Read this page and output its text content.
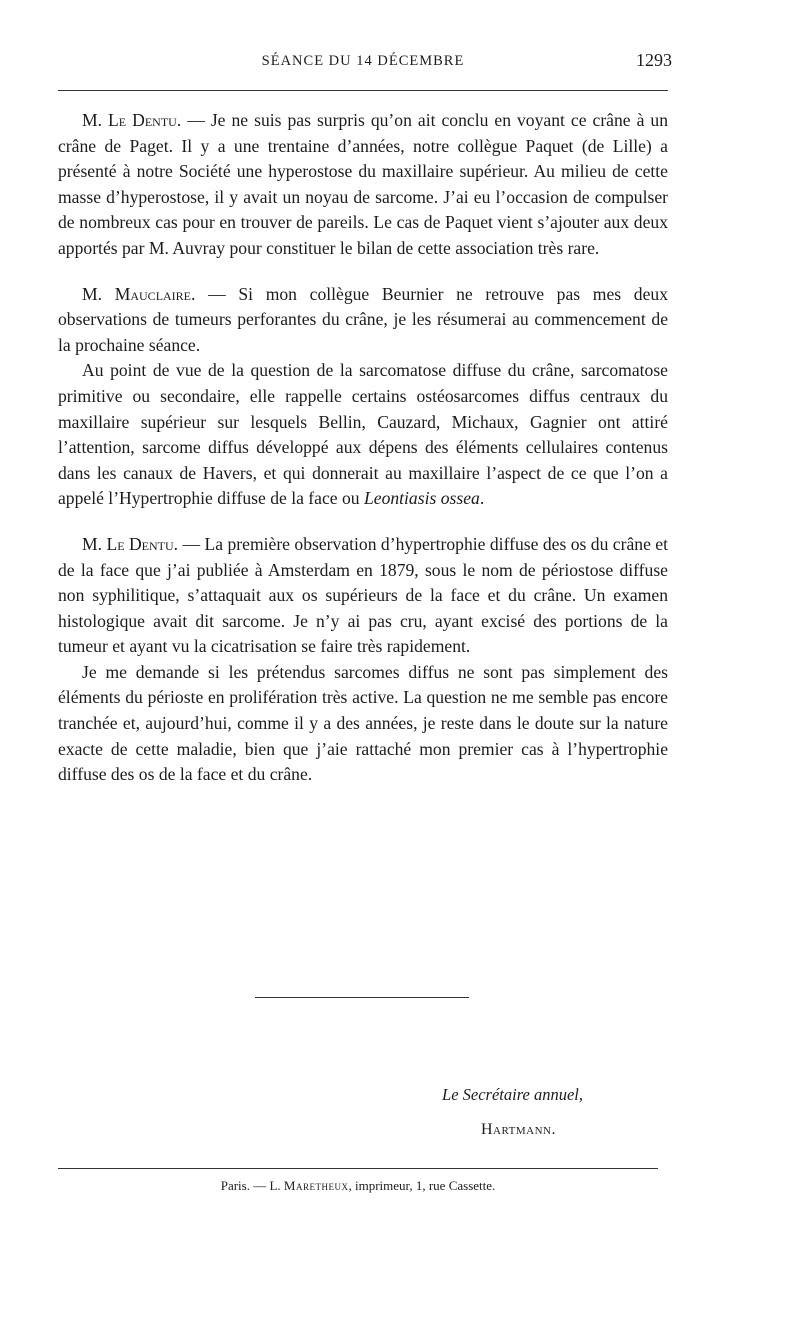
SÉANCE DU 14 DÉCEMBRE	1293

M. Le Dentu. — Je ne suis pas surpris qu’on ait conclu en voyant ce crâne à un crâne de Paget. Il y a une trentaine d’années, notre collègue Paquet (de Lille) a présenté à notre Société une hyperostose du maxillaire supérieur. Au milieu de cette masse d’hyperostose, il y avait un noyau de sarcome. J’ai eu l’occasion de compulser de nombreux cas pour en trouver de pareils. Le cas de Paquet vient s’ajouter aux deux apportés par M. Auvray pour constituer le bilan de cette association très rare.

M. Mauclaire. — Si mon collègue Beurnier ne retrouve pas mes deux observations de tumeurs perforantes du crâne, je les résumerai au commencement de la prochaine séance.

Au point de vue de la question de la sarcomatose diffuse du crâne, sarcomatose primitive ou secondaire, elle rappelle certains ostéosarcomes diffus centraux du maxillaire supérieur sur lesquels Bellin, Cauzard, Michaux, Gagnier ont attiré l’attention, sarcome diffus développé aux dépens des éléments cellulaires contenus dans les canaux de Havers, et qui donnerait au maxillaire l’aspect de ce que l’on a appelé l’Hypertrophie diffuse de la face ou Leontiasis ossea.

M. Le Dentu. — La première observation d’hypertrophie diffuse des os du crâne et de la face que j’ai publiée à Amsterdam en 1879, sous le nom de périostose diffuse non syphilitique, s’attaquait aux os supérieurs de la face et du crâne. Un examen histologique avait dit sarcome. Je n’y ai pas cru, ayant excisé des portions de la tumeur et ayant vu la cicatrisation se faire très rapidement.

Je me demande si les prétendus sarcomes diffus ne sont pas simplement des éléments du périoste en prolifération très active. La question ne me semble pas encore tranchée et, aujourd’hui, comme il y a des années, je reste dans le doute sur la nature exacte de cette maladie, bien que j’aie rattaché mon premier cas à l’hypertrophie diffuse des os de la face et du crâne.

Le Secrétaire annuel,
Hartmann.
Paris. — L. Maretheux, imprimeur, 1, rue Cassette.
